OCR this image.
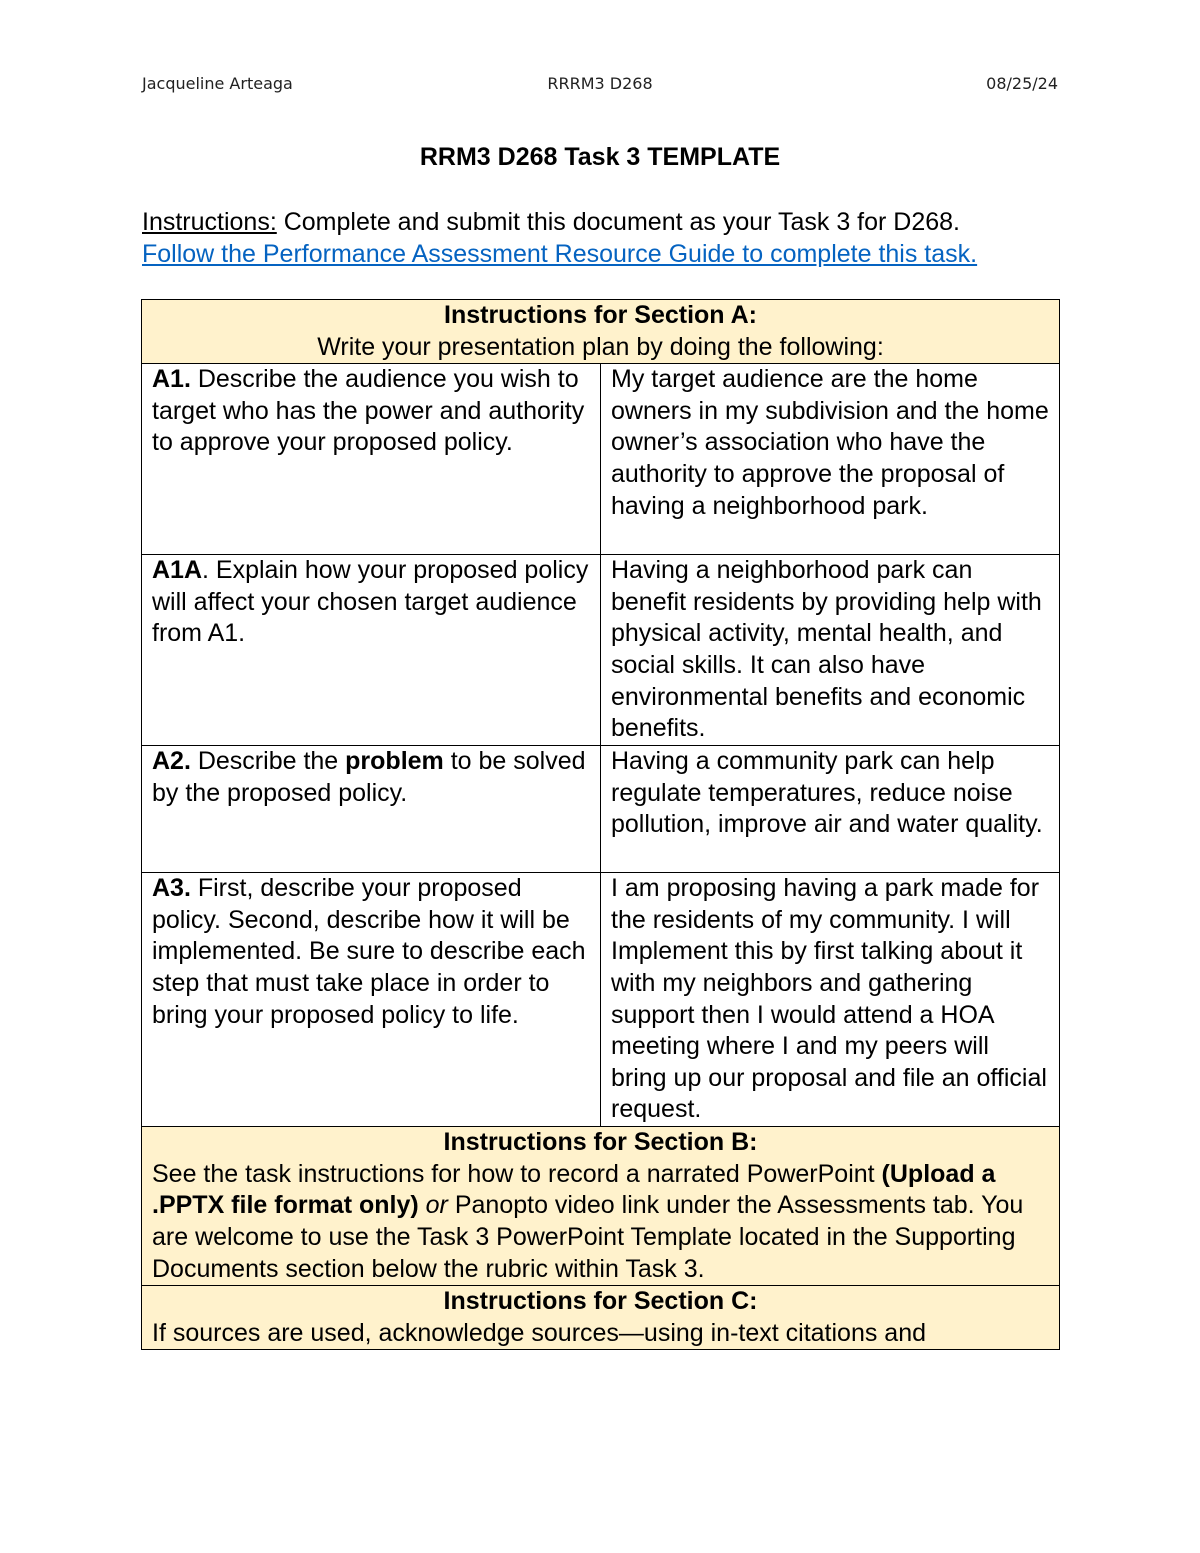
Jacqueline Arteaga	RRRM3 D268	08/25/24
RRM3 D268 Task 3 TEMPLATE
Instructions: Complete and submit this document as your Task 3 for D268.
Follow the Performance Assessment Resource Guide to complete this task.
Instructions for Section A:
Write your presentation plan by doing the following:	

A1. Describe the audience you wish to target who has the power and authority to approve your proposed policy.	My target audience are the home owners in my subdivision and the home owner’s association who have the authority to approve the proposal of having a neighborhood park.
A1A. Explain how your proposed policy will affect your chosen target audience from A1.	Having a neighborhood park can benefit residents by providing help with physical activity, mental health, and social skills. It can also have environmental benefits and economic benefits.
A2. Describe the problem to be solved by the proposed policy.	Having a community park can help regulate temperatures, reduce noise pollution, improve air and water quality.
A3. First, describe your proposed policy. Second, describe how it will be implemented. Be sure to describe each step that must take place in order to bring your proposed policy to life.	I am proposing having a park made for the residents of my community. I will Implement this by first talking about it with my neighbors and gathering support then I would attend a HOA meeting where I and my peers will bring up our proposal and file an official request.

Instructions for Section B:
See the task instructions for how to record a narrated PowerPoint (Upload a .PPTX file format only) or Panopto video link under the Assessments tab. You are welcome to use the Task 3 PowerPoint Template located in the Supporting Documents section below the rubric within Task 3.	

Instructions for Section C:
If sources are used, acknowledge sources—using in-text citations and	
